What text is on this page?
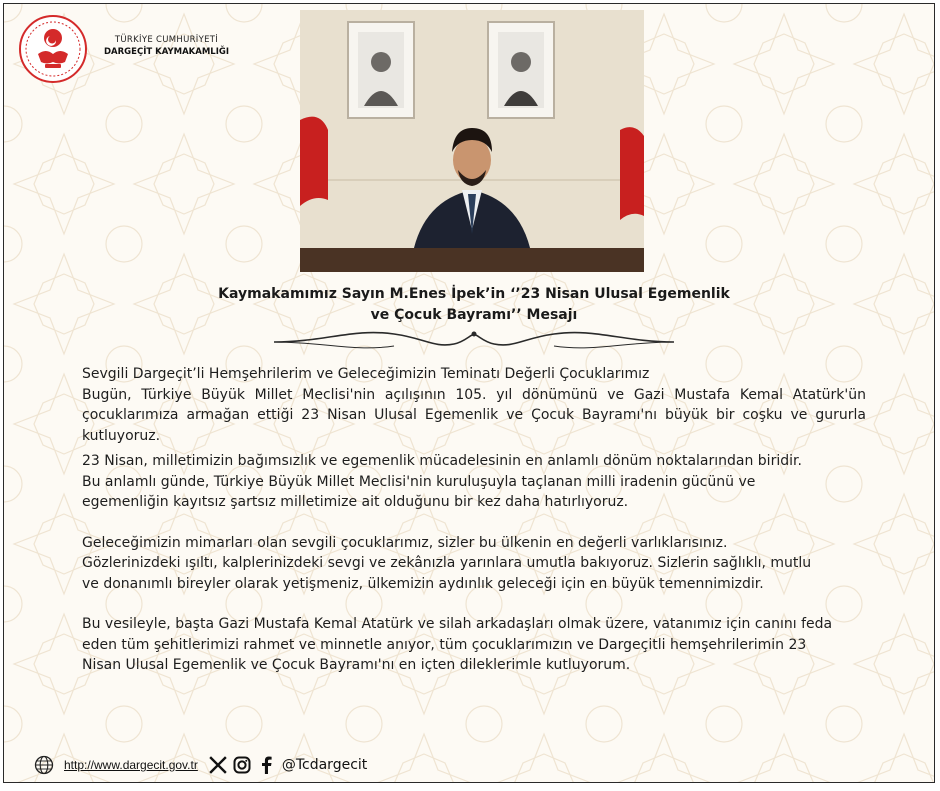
TÜRKİYE CUMHURİYETİ
DARGEÇİT KAYMAKAMLIĞI
Kaymakamımız Sayın M.Enes İpek’in ‘’23 Nisan Ulusal Egemenlik
ve Çocuk Bayramı’’ Mesajı

Sevgili Dargeçit’li Hemşehrilerim ve Geleceğimizin Teminatı Değerli Çocuklarımız

Bugün, Türkiye Büyük Millet Meclisi'nin açılışının 105. yıl dönümünü ve Gazi Mustafa Kemal Atatürk'ün çocuklarımıza armağan ettiği 23 Nisan Ulusal Egemenlik ve Çocuk Bayramı'nı büyük bir coşku ve gururla kutluyoruz.

23 Nisan, milletimizin bağımsızlık ve egemenlik mücadelesinin en anlamlı dönüm noktalarından biridir.
Bu anlamlı günde, Türkiye Büyük Millet Meclisi'nin kuruluşuyla taçlanan milli iradenin gücünü ve
egemenliğin kayıtsız şartsız milletimize ait olduğunu bir kez daha hatırlıyoruz.

Geleceğimizin mimarları olan sevgili çocuklarımız, sizler bu ülkenin en değerli varlıklarısınız.
Gözlerinizdeki ışıltı, kalplerinizdeki sevgi ve zekânızla yarınlara umutla bakıyoruz. Sizlerin sağlıklı, mutlu
ve donanımlı bireyler olarak yetişmeniz, ülkemizin aydınlık geleceği için en büyük temennimizdir.

Bu vesileyle, başta Gazi Mustafa Kemal Atatürk ve silah arkadaşları olmak üzere, vatanımız için canını feda
eden tüm şehitlerimizi rahmet ve minnetle anıyor, tüm çocuklarımızın ve Dargeçitli hemşehrilerimin 23
Nisan Ulusal Egemenlik ve Çocuk Bayramı'nı en içten dileklerimle kutluyorum.

http://www.dargecit.gov.tr	@Tcdargecit
